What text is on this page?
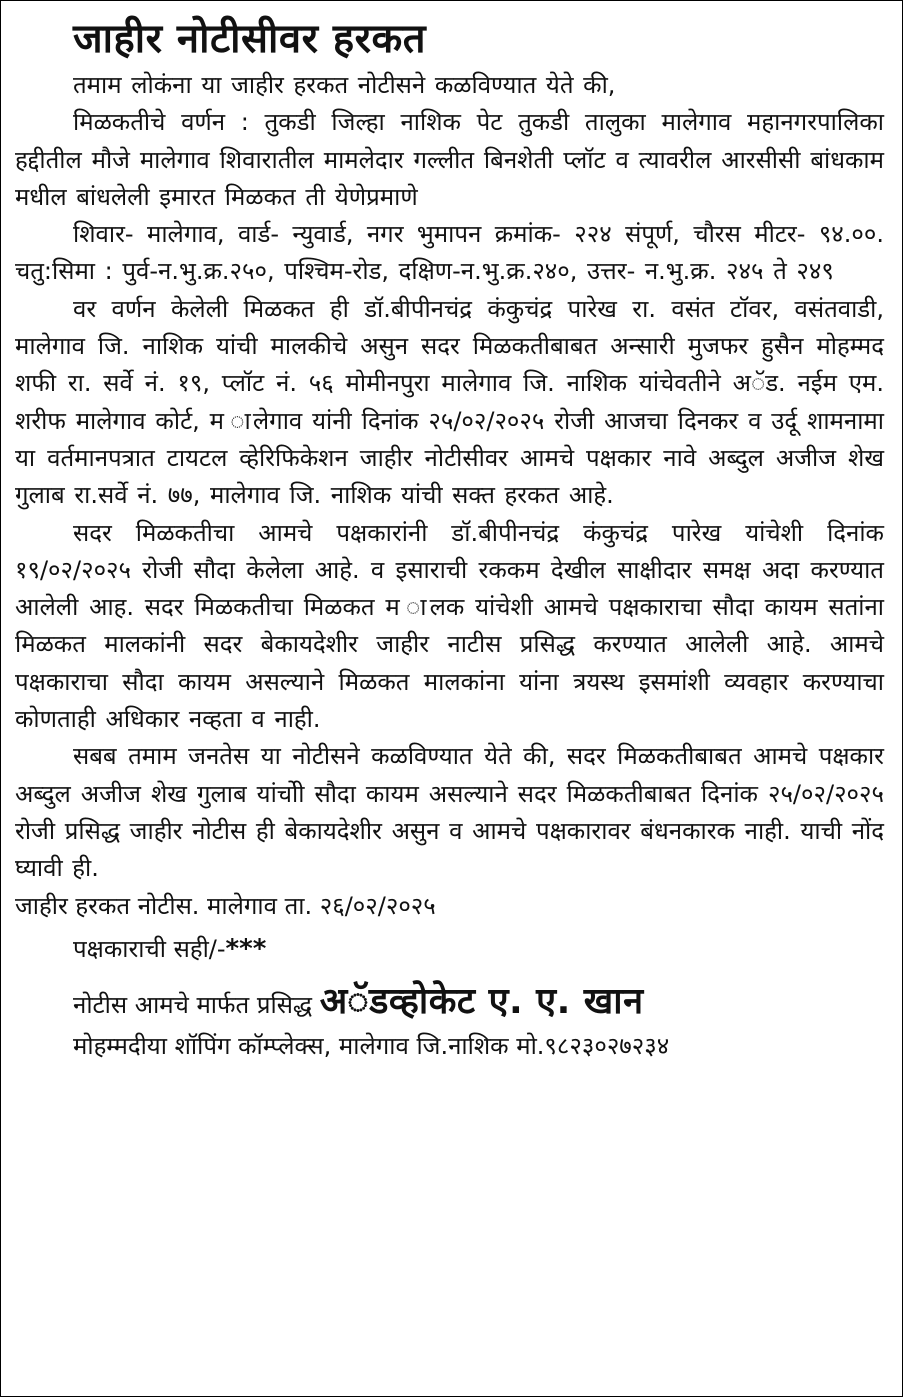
जाहीर नोटीसीवर हरकत

तमाम लोकंना या जाहीर हरकत नोटीसने कळविण्यात येते की,

मिळकतीचे वर्णन : तुकडी जिल्हा नाशिक पेट तुकडी तालुका मालेगाव महानगरपालिका हद्दीतील मौजे मालेगाव शिवारातील मामलेदार गल्लीत बिनशेती प्लॉट व त्यावरील आरसीसी बांधकाम मधील बांधलेली इमारत मिळकत ती येणेप्रमाणे

शिवार- मालेगाव, वार्ड- न्युवार्ड, नगर भुमापन क्रमांक- २२४ संपूर्ण, चौरस मीटर- ९४.००. चतु:सिमा : पुर्व-न.भु.क्र.२५०, पश्चिम-रोड, दक्षिण-न.भु.क्र.२४०, उत्तर- न.भु.क्र. २४५ ते २४९

वर वर्णन केलेली मिळकत ही डॉ.बीपीनचंद्र कंकुचंद्र पारेख रा. वसंत टॉवर, वसंतवाडी, मालेगाव जि. नाशिक यांची मालकीचे असुन सदर मिळकतीबाबत अन्सारी मुजफर हुसैन मोहम्मद शफी रा. सर्वे नं. १९, प्लॉट नं. ५६ मोमीनपुरा मालेगाव जि. नाशिक यांचेवतीने अॅड. नईम एम. शरीफ मालेगाव कोर्ट, म ालेगाव यांनी दिनांक २५/०२/२०२५ रोजी आजचा दिनकर व उर्दू शामनामा या वर्तमानपत्रात टायटल व्हेरिफिकेशन जाहीर नोटीसीवर आमचे पक्षकार नावे अब्दुल अजीज शेख गुलाब रा.सर्वे नं. ७७, मालेगाव जि. नाशिक यांची सक्त हरकत आहे.

सदर मिळकतीचा आमचे पक्षकारांनी डॉ.बीपीनचंद्र कंकुचंद्र पारेख यांचेशी दिनांक १९/०२/२०२५ रोजी सौदा केलेला आहे. व इसाराची रककम देखील साक्षीदार समक्ष अदा करण्यात आलेली आह. सदर मिळकतीचा मिळकत म ालक यांचेशी आमचे पक्षकाराचा सौदा कायम सतांना मिळकत मालकांनी सदर बेकायदेशीर जाहीर नाटीस प्रसिद्ध करण्यात आलेली आहे. आमचे पक्षकाराचा सौदा कायम असल्याने मिळकत मालकांना यांना त्रयस्थ इसमांशी व्यवहार करण्याचा कोणताही अधिकार नव्हता व नाही.

सबब तमाम जनतेस या नोटीसने कळविण्यात येते की, सदर मिळकतीबाबत आमचे पक्षकार अब्दुल अजीज शेख गुलाब यांचोी सौदा कायम असल्याने सदर मिळकतीबाबत दिनांक २५/०२/२०२५ रोजी प्रसिद्ध जाहीर नोटीस ही बेकायदेशीर असुन व आमचे पक्षकारावर बंधनकारक नाही. याची नोंद घ्यावी ही.

जाहीर हरकत नोटीस. मालेगाव ता. २६/०२/२०२५

पक्षकाराची सही/-***
नोटीस आमचे मार्फत प्रसिद्ध अॅडव्होकेट ए. ए. खान
मोहम्मदीया शॉपिंग कॉम्प्लेक्स, मालेगाव जि.नाशिक मो.९८२३०२७२३४
